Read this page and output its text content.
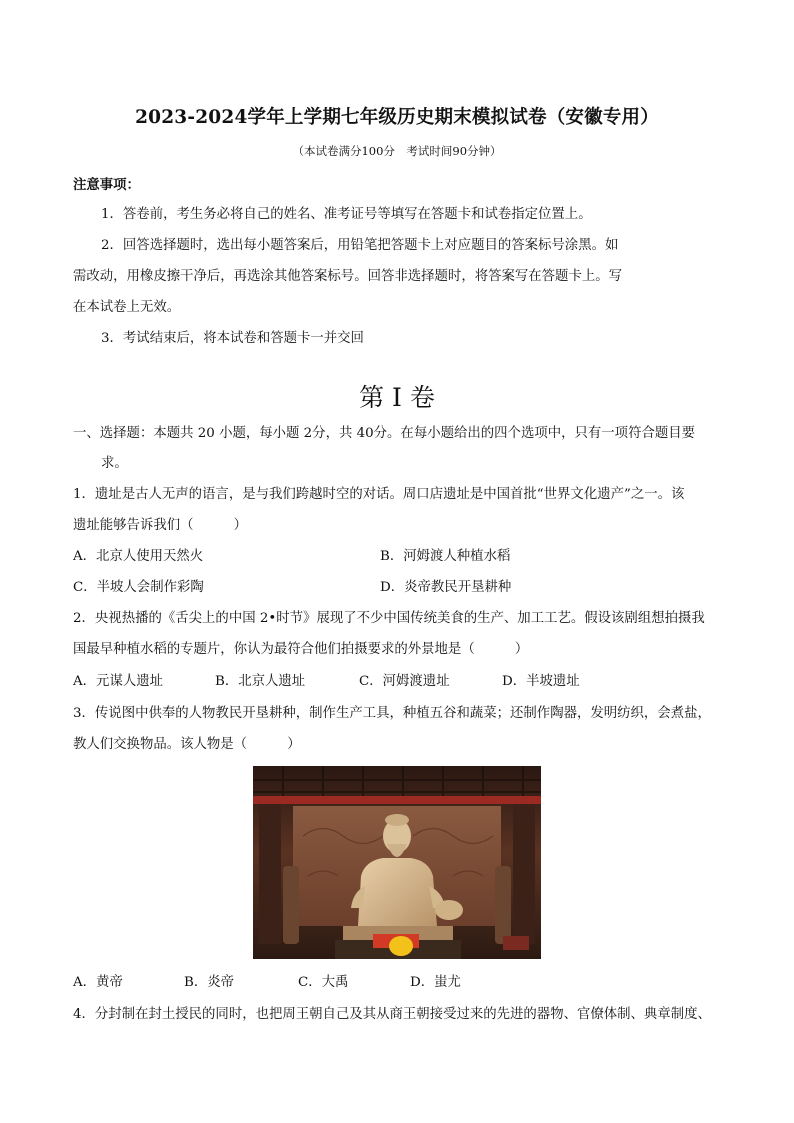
2023-2024学年上学期七年级历史期末模拟试卷（安徽专用）
（本试卷满分100分　考试时间90分钟）
注意事项：
1．答卷前，考生务必将自己的姓名、准考证号等填写在答题卡和试卷指定位置上。
2．回答选择题时，选出每小题答案后，用铅笔把答题卡上对应题目的答案标号涂黑。如
需改动，用橡皮擦干净后，再选涂其他答案标号。回答非选择题时，将答案写在答题卡上。写
在本试卷上无效。
3．考试结束后，将本试卷和答题卡一并交回
第 I 卷
一、选择题：本题共 20 小题，每小题 2分，共 40分。在每小题给出的四个选项中，只有一项符合题目要
求。
1．遗址是古人无声的语言，是与我们跨越时空的对话。周口店遗址是中国首批“世界文化遗产”之一。该
遗址能够告诉我们（　　　）
A．北京人使用天然火	B．河姆渡人种植水稻
C．半坡人会制作彩陶	D．炎帝教民开垦耕种
2．央视热播的《舌尖上的中国 2•时节》展现了不少中国传统美食的生产、加工工艺。假设该剧组想拍摄我
国最早种植水稻的专题片，你认为最符合他们拍摄要求的外景地是（　　　）
A．元谋人遗址	B．北京人遗址	C．河姆渡遗址	D．半坡遗址
3．传说图中供奉的人物教民开垦耕种，制作生产工具，种植五谷和蔬菜；还制作陶器，发明纺织，会煮盐，
教人们交换物品。该人物是（　　　）
A．黄帝	B．炎帝	C．大禹	D．蚩尤
4．分封制在封土授民的同时，也把周王朝自己及其从商王朝接受过来的先进的器物、官僚体制、典章制度、
